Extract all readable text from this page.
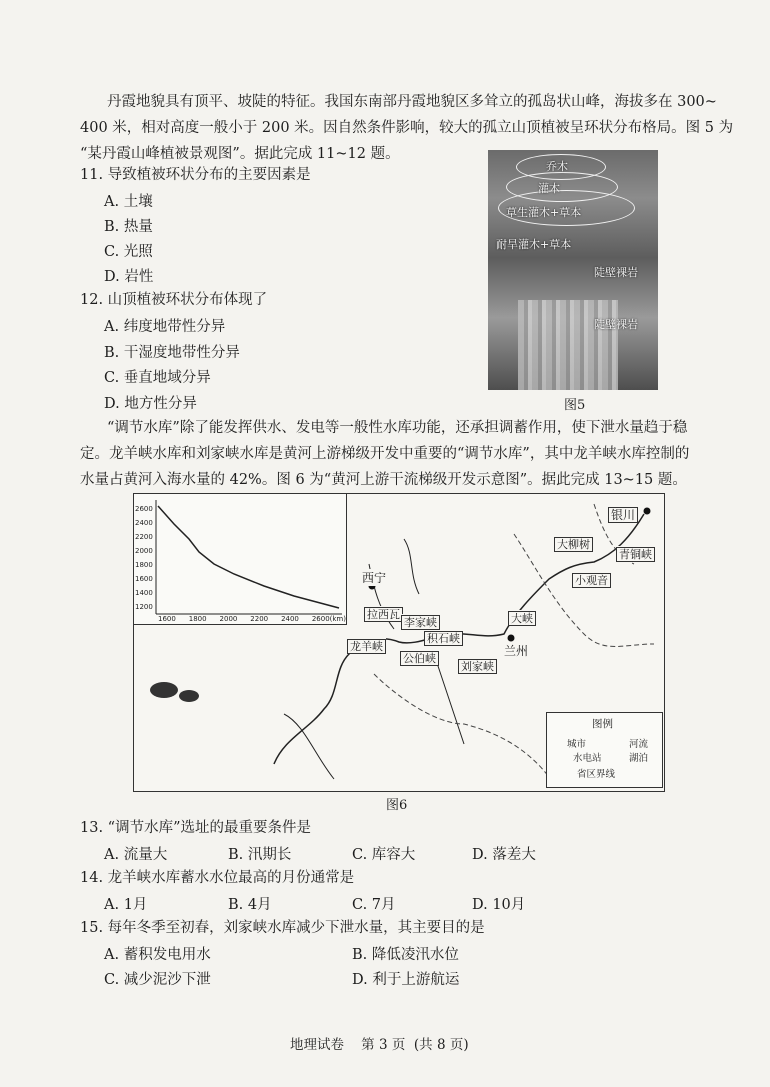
丹霞地貌具有顶平、坡陡的特征。我国东南部丹霞地貌区多耸立的孤岛状山峰，海拔多在 300~
400 米，相对高度一般小于 200 米。因自然条件影响，较大的孤立山顶植被呈环状分布格局。图 5 为
“某丹霞山峰植被景观图”。据此完成 11~12 题。
11. 导致植被环状分布的主要因素是
A. 土壤
B. 热量
C. 光照
D. 岩性
12. 山顶植被环状分布体现了
A. 纬度地带性分异
B. 干湿度地带性分异
C. 垂直地域分异
D. 地方性分异
乔木
灌木
草生灌木+草本
耐旱灌木+草本
陡壁裸岩
陡壁裸岩
图5
“调节水库”除了能发挥供水、发电等一般性水库功能，还承担调蓄作用，使下泄水量趋于稳
定。龙羊峡水库和刘家峡水库是黄河上游梯级开发中重要的“调节水库”，其中龙羊峡水库控制的
水量占黄河入海水量的 42%。图 6 为“黄河上游干流梯级开发示意图”。据此完成 13~15 题。
2600
2400
2200
2000
1800
1600
1400
1200
1600 1800 2000 2200 2400 2600(km)
银川
大柳树
青铜峡
小观音
西宁
大峡
拉西瓦
李家峡
积石峡
公伯峡
龙羊峡
刘家峡
兰州
图例
城市	河流
水电站	湖泊
省区界线
图6
13. “调节水库”选址的最重要条件是
A. 流量大	B. 汛期长	C. 库容大	D. 落差大
14. 龙羊峡水库蓄水水位最高的月份通常是
A. 1月	B. 4月	C. 7月	D. 10月
15. 每年冬季至初春，刘家峡水库减少下泄水量，其主要目的是
A. 蓄积发电用水	B. 降低凌汛水位
C. 减少泥沙下泄	D. 利于上游航运
地理试卷    第 3 页  (共 8 页)
